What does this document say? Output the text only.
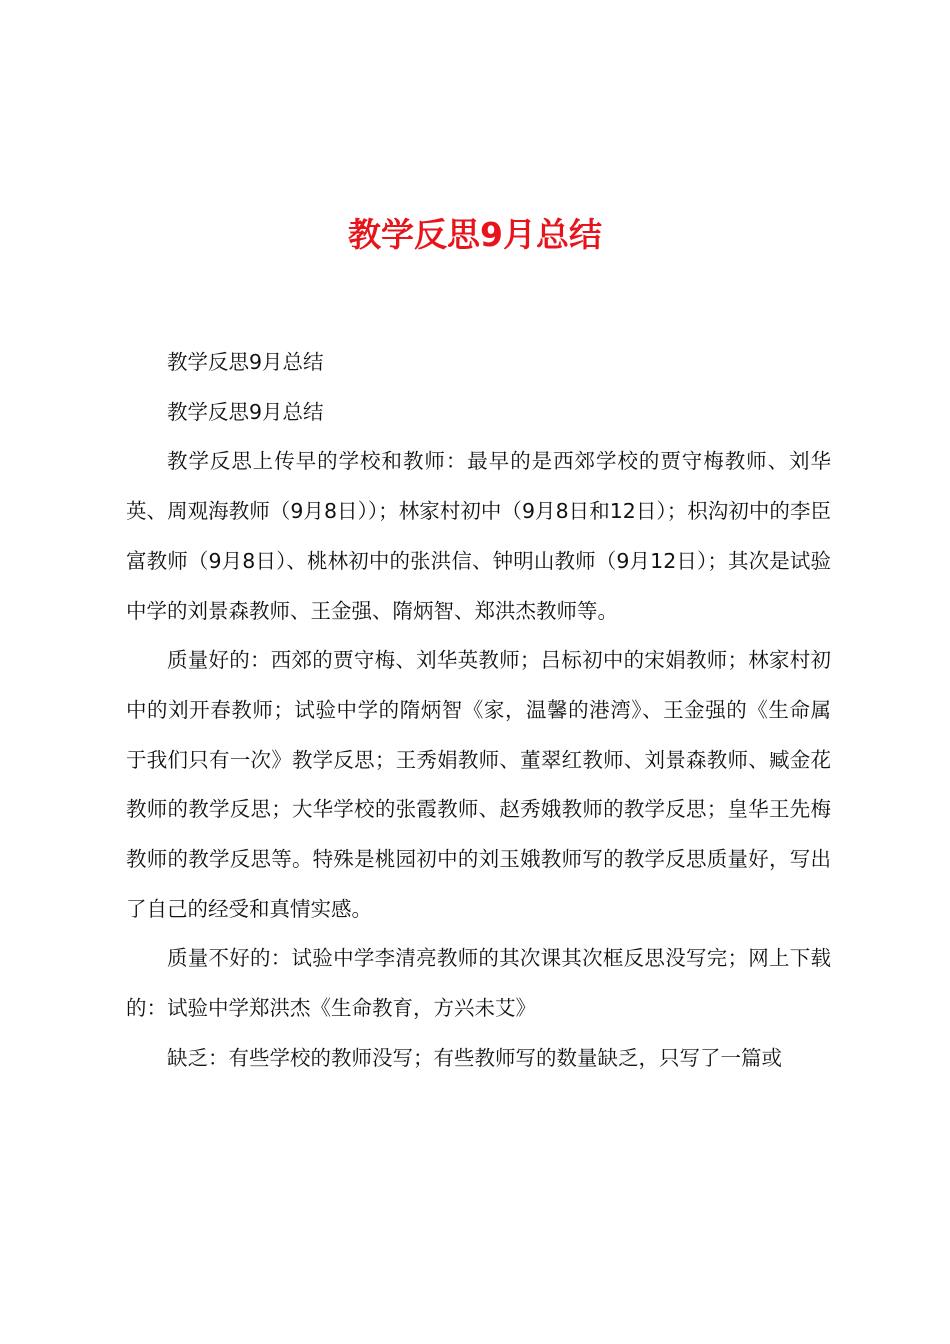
教学反思9月总结

教学反思9月总结

教学反思9月总结

教学反思上传早的学校和教师：最早的是西郊学校的贾守梅教师、刘华英、周观海教师（9月8日））；林家村初中（9月8日和12日）；枳沟初中的李臣富教师（9月8日）、桃林初中的张洪信、钟明山教师（9月12日）；其次是试验中学的刘景森教师、王金强、隋炳智、郑洪杰教师等。

质量好的：西郊的贾守梅、刘华英教师；吕标初中的宋娟教师；林家村初中的刘开春教师；试验中学的隋炳智《家，温馨的港湾》、王金强的《生命属于我们只有一次》教学反思；王秀娟教师、董翠红教师、刘景森教师、臧金花教师的教学反思；大华学校的张霞教师、赵秀娥教师的教学反思；皇华王先梅教师的教学反思等。特殊是桃园初中的刘玉娥教师写的教学反思质量好，写出了自己的经受和真情实感。

质量不好的：试验中学李清亮教师的其次课其次框反思没写完；网上下载的：试验中学郑洪杰《生命教育，方兴未艾》

缺乏：有些学校的教师没写；有些教师写的数量缺乏，只写了一篇或
